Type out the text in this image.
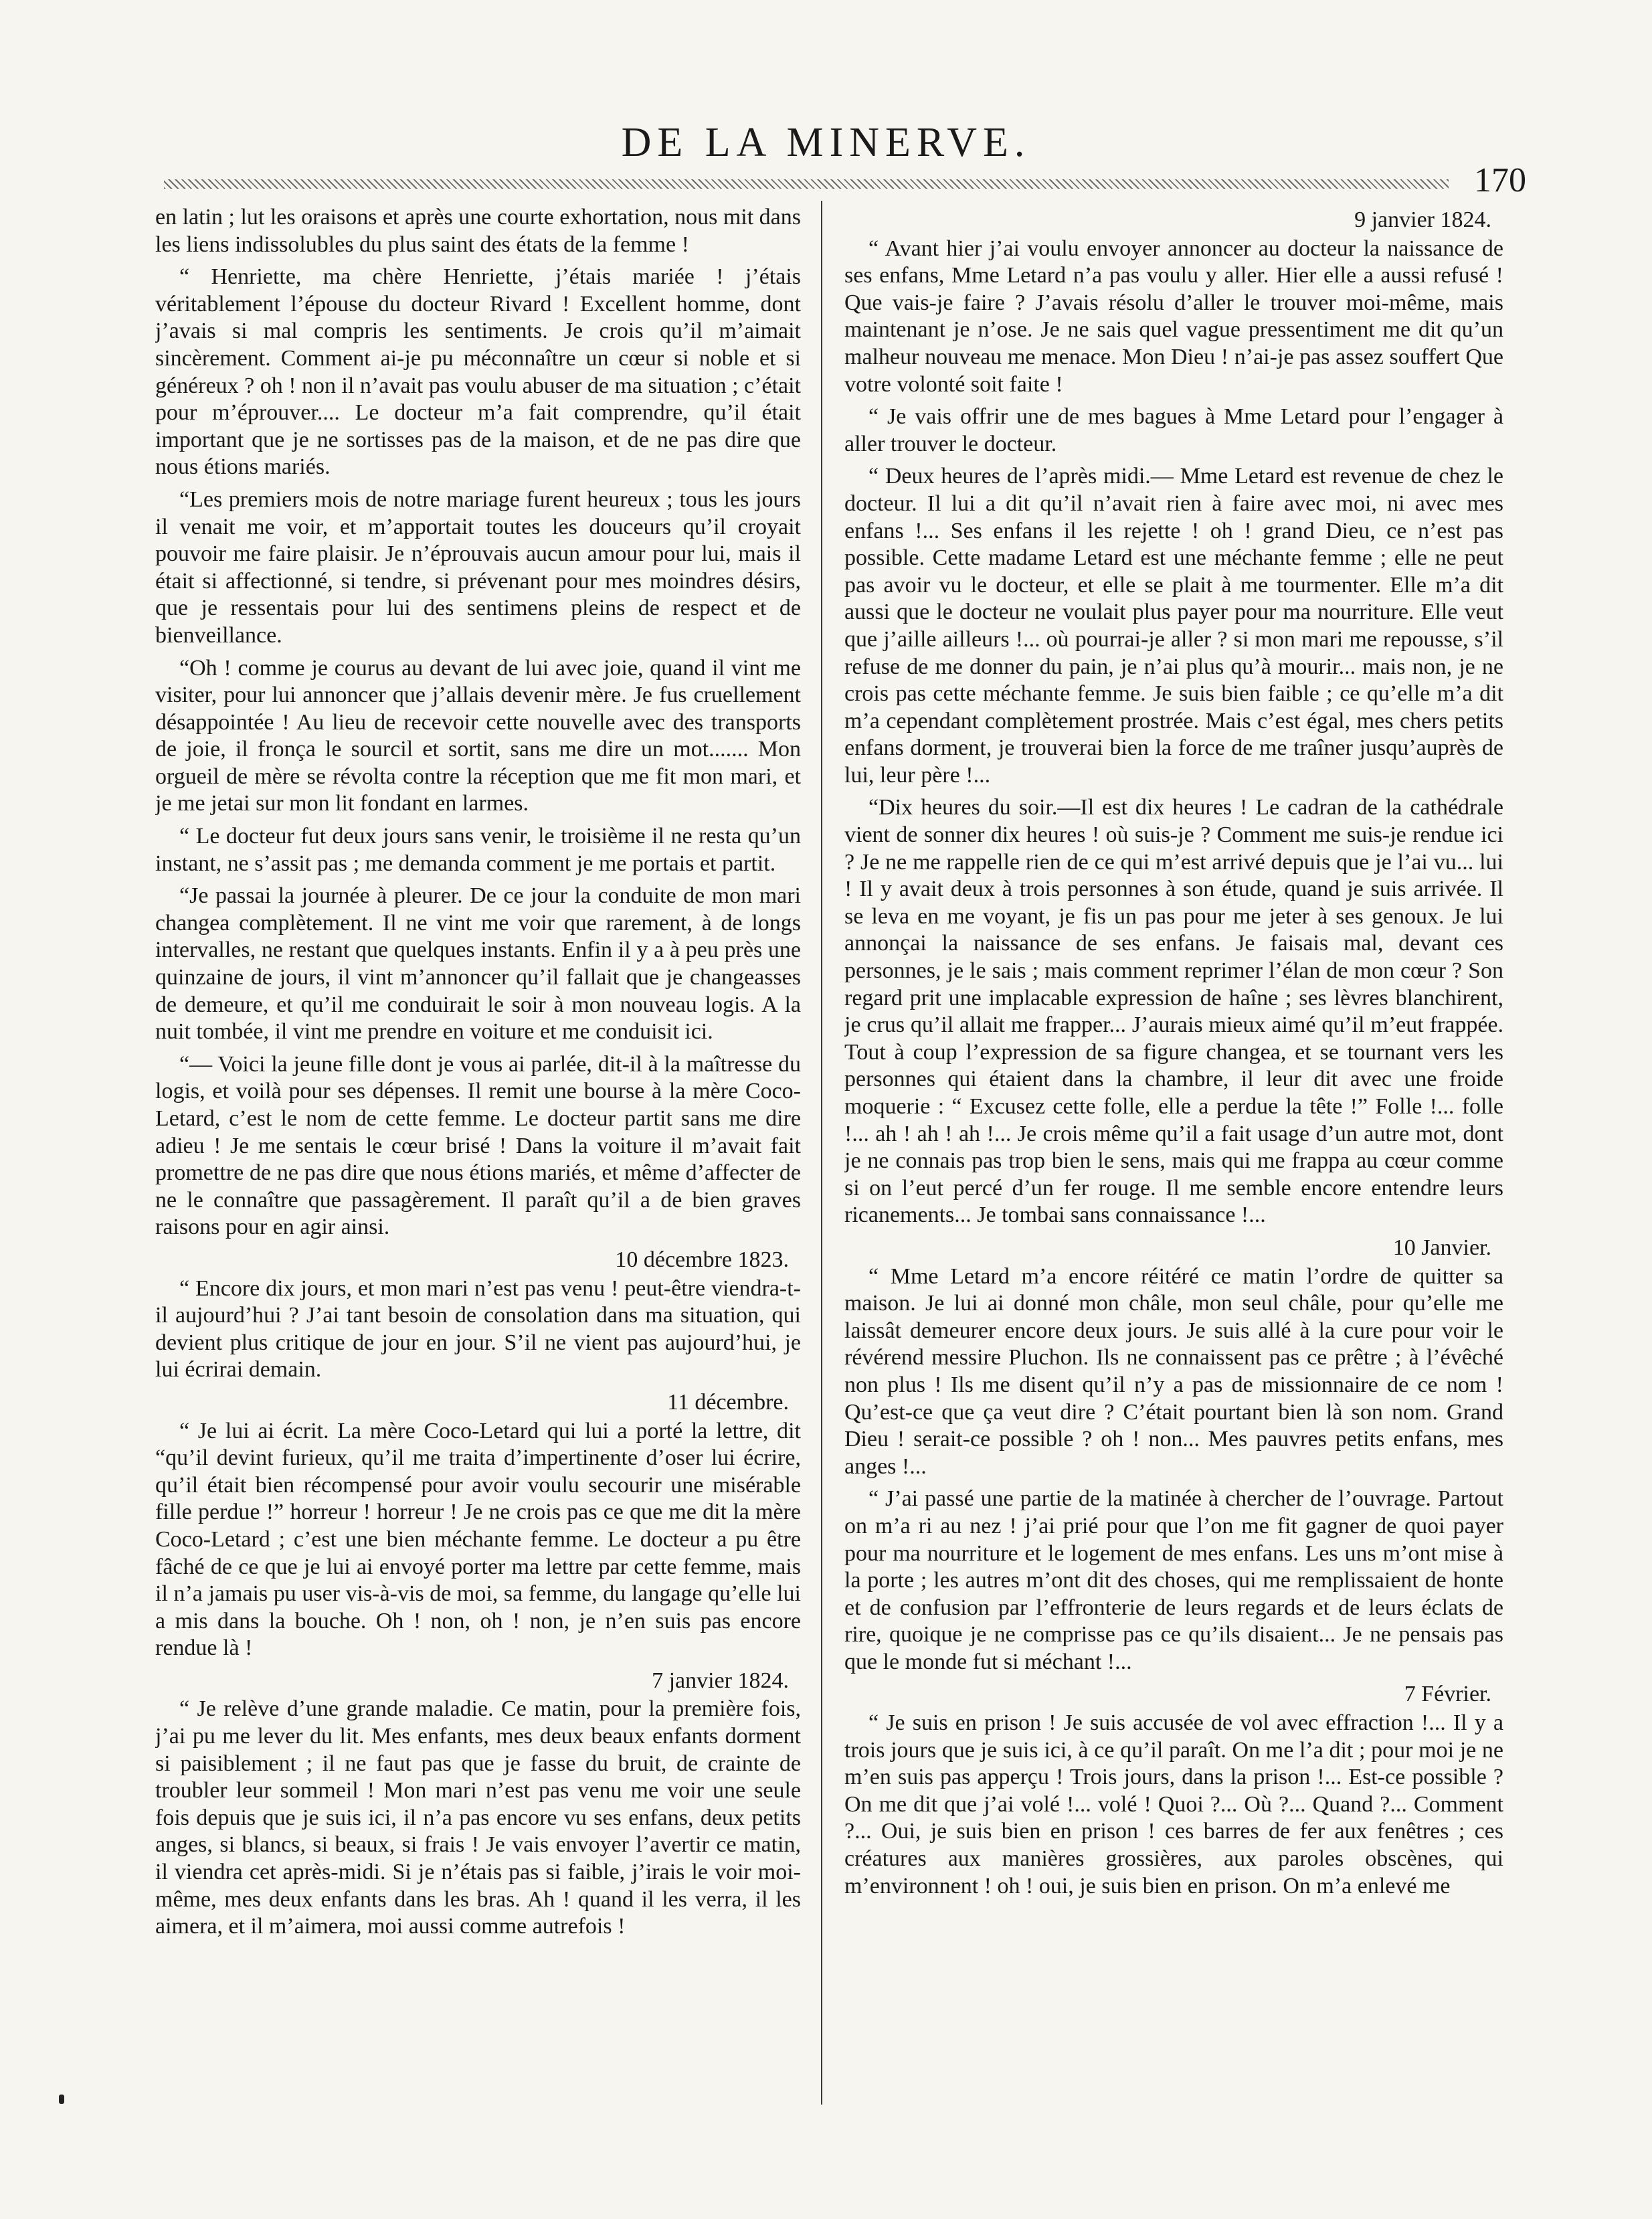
DE LA MINERVE.
170

en latin ; lut les oraisons et après une courte exhortation, nous mit dans les liens indissolubles du plus saint des états de la femme !

“ Henriette, ma chère Henriette, j’étais mariée ! j’étais véritablement l’épouse du docteur Rivard ! Excellent homme, dont j’avais si mal compris les sentiments. Je crois qu’il m’aimait sincèrement. Comment ai-je pu méconnaître un cœur si noble et si généreux ? oh ! non il n’avait pas voulu abuser de ma situation ; c’était pour m’éprouver.... Le docteur m’a fait comprendre, qu’il était important que je ne sortisses pas de la maison, et de ne pas dire que nous étions mariés.

“Les premiers mois de notre mariage furent heureux ; tous les jours il venait me voir, et m’apportait toutes les douceurs qu’il croyait pouvoir me faire plaisir. Je n’éprouvais aucun amour pour lui, mais il était si affectionné, si tendre, si prévenant pour mes moindres désirs, que je ressentais pour lui des sentimens pleins de respect et de bienveillance.

“Oh ! comme je courus au devant de lui avec joie, quand il vint me visiter, pour lui annoncer que j’allais devenir mère. Je fus cruellement désappointée ! Au lieu de recevoir cette nouvelle avec des transports de joie, il fronça le sourcil et sortit, sans me dire un mot....... Mon orgueil de mère se révolta contre la réception que me fit mon mari, et je me jetai sur mon lit fondant en larmes.

“ Le docteur fut deux jours sans venir, le troisième il ne resta qu’un instant, ne s’assit pas ; me demanda comment je me portais et partit.

“Je passai la journée à pleurer. De ce jour la conduite de mon mari changea complètement. Il ne vint me voir que rarement, à de longs intervalles, ne restant que quelques instants. Enfin il y a à peu près une quinzaine de jours, il vint m’annoncer qu’il fallait que je changeasses de demeure, et qu’il me conduirait le soir à mon nouveau logis. A la nuit tombée, il vint me prendre en voiture et me conduisit ici.

“— Voici la jeune fille dont je vous ai parlée, dit-il à la maîtresse du logis, et voilà pour ses dépenses. Il remit une bourse à la mère Coco-Letard, c’est le nom de cette femme. Le docteur partit sans me dire adieu ! Je me sentais le cœur brisé ! Dans la voiture il m’avait fait promettre de ne pas dire que nous étions mariés, et même d’affecter de ne le connaître que passagèrement. Il paraît qu’il a de bien graves raisons pour en agir ainsi.

10 décembre 1823.

“ Encore dix jours, et mon mari n’est pas venu ! peut-être viendra-t-il aujourd’hui ? J’ai tant besoin de consolation dans ma situation, qui devient plus critique de jour en jour. S’il ne vient pas aujourd’hui, je lui écrirai demain.

11 décembre.

“ Je lui ai écrit. La mère Coco-Letard qui lui a porté la lettre, dit “qu’il devint furieux, qu’il me traita d’impertinente d’oser lui écrire, qu’il était bien récompensé pour avoir voulu secourir une misérable fille perdue !” horreur ! horreur ! Je ne crois pas ce que me dit la mère Coco-Letard ; c’est une bien méchante femme. Le docteur a pu être fâché de ce que je lui ai envoyé porter ma lettre par cette femme, mais il n’a jamais pu user vis-à-vis de moi, sa femme, du langage qu’elle lui a mis dans la bouche. Oh ! non, oh ! non, je n’en suis pas encore rendue là !

7 janvier 1824.

“ Je relève d’une grande maladie. Ce matin, pour la première fois, j’ai pu me lever du lit. Mes enfants, mes deux beaux enfants dorment si paisiblement ; il ne faut pas que je fasse du bruit, de crainte de troubler leur sommeil ! Mon mari n’est pas venu me voir une seule fois depuis que je suis ici, il n’a pas encore vu ses enfans, deux petits anges, si blancs, si beaux, si frais ! Je vais envoyer l’avertir ce matin, il viendra cet après-midi. Si je n’étais pas si faible, j’irais le voir moi-même, mes deux enfants dans les bras. Ah ! quand il les verra, il les aimera, et il m’aimera, moi aussi comme autrefois !

9 janvier 1824.

“ Avant hier j’ai voulu envoyer annoncer au docteur la naissance de ses enfans, Mme Letard n’a pas voulu y aller. Hier elle a aussi refusé ! Que vais-je faire ? J’avais résolu d’aller le trouver moi-même, mais maintenant je n’ose. Je ne sais quel vague pressentiment me dit qu’un malheur nouveau me menace. Mon Dieu ! n’ai-je pas assez souffert Que votre volonté soit faite !

“ Je vais offrir une de mes bagues à Mme Letard pour l’engager à aller trouver le docteur.

“ Deux heures de l’après midi.— Mme Letard est revenue de chez le docteur. Il lui a dit qu’il n’avait rien à faire avec moi, ni avec mes enfans !... Ses enfans il les rejette ! oh ! grand Dieu, ce n’est pas possible. Cette madame Letard est une méchante femme ; elle ne peut pas avoir vu le docteur, et elle se plait à me tourmenter. Elle m’a dit aussi que le docteur ne voulait plus payer pour ma nourriture. Elle veut que j’aille ailleurs !... où pourrai-je aller ? si mon mari me repousse, s’il refuse de me donner du pain, je n’ai plus qu’à mourir... mais non, je ne crois pas cette méchante femme. Je suis bien faible ; ce qu’elle m’a dit m’a cependant complètement prostrée. Mais c’est égal, mes chers petits enfans dorment, je trouverai bien la force de me traîner jusqu’auprès de lui, leur père !...

“Dix heures du soir.—Il est dix heures ! Le cadran de la cathédrale vient de sonner dix heures ! où suis-je ? Comment me suis-je rendue ici ? Je ne me rappelle rien de ce qui m’est arrivé depuis que je l’ai vu... lui ! Il y avait deux à trois personnes à son étude, quand je suis arrivée. Il se leva en me voyant, je fis un pas pour me jeter à ses genoux. Je lui annonçai la naissance de ses enfans. Je faisais mal, devant ces personnes, je le sais ; mais comment reprimer l’élan de mon cœur ? Son regard prit une implacable expression de haîne ; ses lèvres blanchirent, je crus qu’il allait me frapper... J’aurais mieux aimé qu’il m’eut frappée. Tout à coup l’expression de sa figure changea, et se tournant vers les personnes qui étaient dans la chambre, il leur dit avec une froide moquerie : “ Excusez cette folle, elle a perdue la tête !” Folle !... folle !... ah ! ah ! ah !... Je crois même qu’il a fait usage d’un autre mot, dont je ne connais pas trop bien le sens, mais qui me frappa au cœur comme si on l’eut percé d’un fer rouge. Il me semble encore entendre leurs ricanements... Je tombai sans connaissance !...

10 Janvier.

“ Mme Letard m’a encore réitéré ce matin l’ordre de quitter sa maison. Je lui ai donné mon châle, mon seul châle, pour qu’elle me laissât demeurer encore deux jours. Je suis allé à la cure pour voir le révérend messire Pluchon. Ils ne connaissent pas ce prêtre ; à l’évêché non plus ! Ils me disent qu’il n’y a pas de missionnaire de ce nom ! Qu’est-ce que ça veut dire ? C’était pourtant bien là son nom. Grand Dieu ! serait-ce possible ? oh ! non... Mes pauvres petits enfans, mes anges !...

“ J’ai passé une partie de la matinée à chercher de l’ouvrage. Partout on m’a ri au nez ! j’ai prié pour que l’on me fit gagner de quoi payer pour ma nourriture et le logement de mes enfans. Les uns m’ont mise à la porte ; les autres m’ont dit des choses, qui me remplissaient de honte et de confusion par l’effronterie de leurs regards et de leurs éclats de rire, quoique je ne comprisse pas ce qu’ils disaient... Je ne pensais pas que le monde fut si méchant !...

7 Février.

“ Je suis en prison ! Je suis accusée de vol avec effraction !... Il y a trois jours que je suis ici, à ce qu’il paraît. On me l’a dit ; pour moi je ne m’en suis pas apperçu ! Trois jours, dans la prison !... Est-ce possible ? On me dit que j’ai volé !... volé ! Quoi ?... Où ?... Quand ?... Comment ?... Oui, je suis bien en prison ! ces barres de fer aux fenêtres ; ces créatures aux manières grossières, aux paroles obscènes, qui m’environnent ! oh ! oui, je suis bien en prison. On m’a enlevé me
